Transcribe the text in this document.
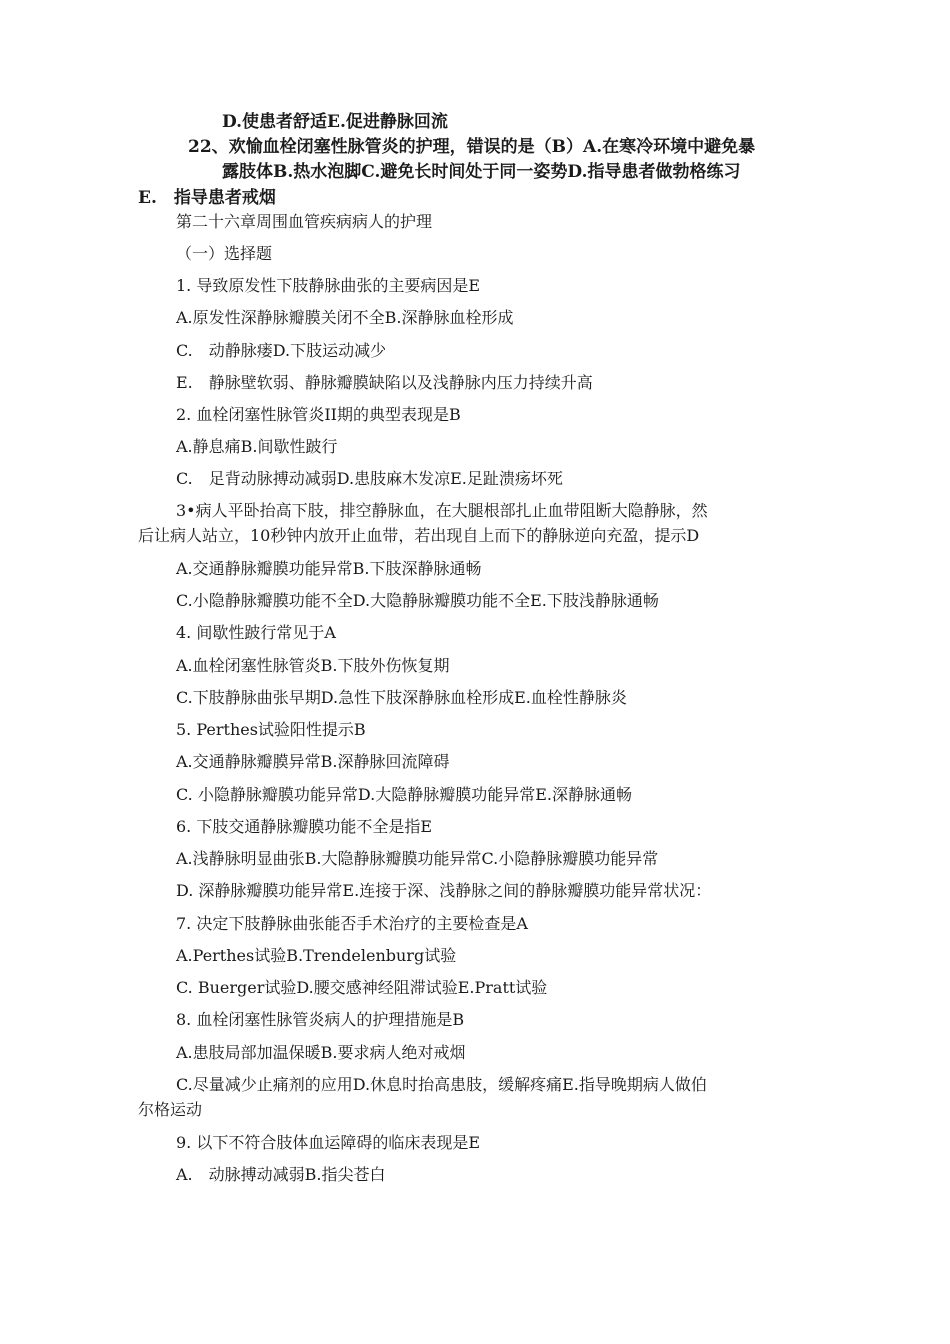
D.使患者舒适E.促进静脉回流
22、欢愉血栓闭塞性脉管炎的护理，错误的是（B）A.在寒冷环境中避免暴
露肢体B.热水泡脚C.避免长时间处于同一姿势D.指导患者做勃格练习
E.　指导患者戒烟
第二十六章周围血管疾病病人的护理
（一）选择题
1. 导致原发性下肢静脉曲张的主要病因是E
A.原发性深静脉瓣膜关闭不全B.深静脉血栓形成
C.　动静脉瘘D.下肢运动减少
E.　静脉壁软弱、静脉瓣膜缺陷以及浅静脉内压力持续升高
2. 血栓闭塞性脉管炎II期的典型表现是B
A.静息痛B.间歇性跛行
C.　足背动脉搏动减弱D.患肢麻木发凉E.足趾溃疡坏死
3•病人平卧抬高下肢，排空静脉血，在大腿根部扎止血带阻断大隐静脉，然
后让病人站立，10秒钟内放开止血带，若出现自上而下的静脉逆向充盈，提示D
A.交通静脉瓣膜功能异常B.下肢深静脉通畅
C.小隐静脉瓣膜功能不全D.大隐静脉瓣膜功能不全E.下肢浅静脉通畅
4. 间歇性跛行常见于A
A.血栓闭塞性脉管炎B.下肢外伤恢复期
C.下肢静脉曲张早期D.急性下肢深静脉血栓形成E.血栓性静脉炎
5. Perthes试验阳性提示B
A.交通静脉瓣膜异常B.深静脉回流障碍
C. 小隐静脉瓣膜功能异常D.大隐静脉瓣膜功能异常E.深静脉通畅
6. 下肢交通静脉瓣膜功能不全是指E
A.浅静脉明显曲张B.大隐静脉瓣膜功能异常C.小隐静脉瓣膜功能异常
D. 深静脉瓣膜功能异常E.连接于深、浅静脉之间的静脉瓣膜功能异常状况：
7. 决定下肢静脉曲张能否手术治疗的主要检查是A
A.Perthes试验B.Trendelenburg试验
C. Buerger试验D.腰交感神经阻滞试验E.Pratt试验
8. 血栓闭塞性脉管炎病人的护理措施是B
A.患肢局部加温保暖B.要求病人绝对戒烟
C.尽量减少止痛剂的应用D.休息时抬高患肢，缓解疼痛E.指导晚期病人做伯
尔格运动
9. 以下不符合肢体血运障碍的临床表现是E
A.　动脉搏动减弱B.指尖苍白
